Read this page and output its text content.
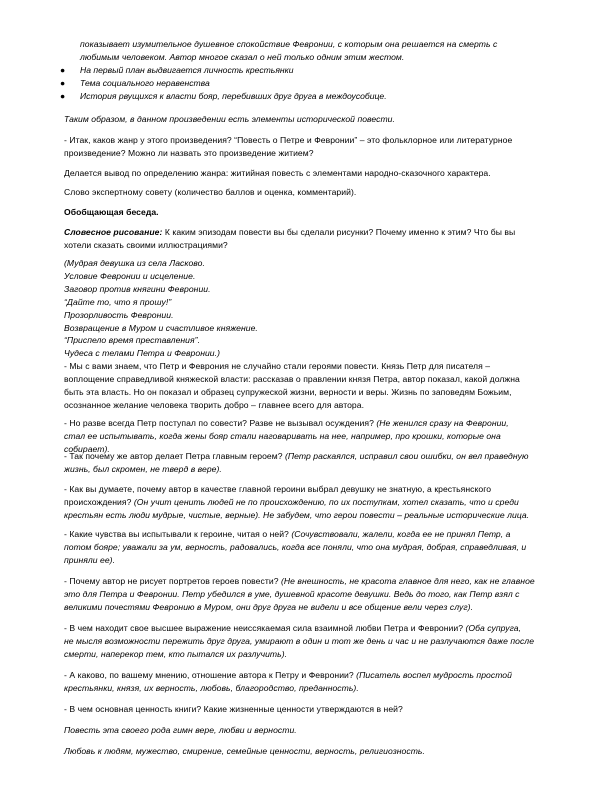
показывает изумительное душевное спокойствие Февронии, с которым она решается на смерть с
любимым человеком. Автор многое сказал о ней только одним этим жестом.

● На первый план выдвигается личность крестьянки
● Тема социального неравенства
● История рвущихся к власти бояр, перебивших друг друга в междоусобице.

Таким образом, в данном произведении есть элементы исторической повести.

- Итак, каков жанр у этого произведения? “Повесть о Петре и Февронии” – это фольклорное или литературное
произведение? Можно ли назвать это произведение житием?

Делается вывод по определению жанра: житийная повесть с элементами народно-сказочного характера.

Слово экспертному совету (количество баллов и оценка, комментарий).

Обобщающая беседа.

Словесное рисование: К каким эпизодам повести вы бы сделали рисунки? Почему именно к этим? Что бы вы
хотели сказать своими иллюстрациями?

(Мудрая девушка из села Ласково.
Условие Февронии и исцеление.
Заговор против княгини Февронии.
“Дайте то, что я прошу!”
Прозорливость Февронии.
Возвращение в Муром и счастливое княжение.
“Приспело время преставления”.
Чудеса с телами Петра и Февронии.)

- Мы с вами знаем, что Петр и Феврония не случайно стали героями повести. Князь Петр для писателя –
воплощение справедливой княжеской власти: рассказав о правлении князя Петра, автор показал, какой должна
быть эта власть. Но он показал и образец супружеской жизни, верности и веры. Жизнь по заповедям Божьим,
осознанное желание человека творить добро – главнее всего для автора.

- Но разве всегда Петр поступал по совести? Разве не вызывал осуждения? (Не женился сразу на Февронии,
стал ее испытывать, когда жены бояр стали наговаривать на нее, например, про крошки, которые она собирает).

- Так почему же автор делает Петра главным героем? (Петр раскаялся, исправил свои ошибки, он вел праведную
жизнь, был скромен, не тверд в вере).

- Как вы думаете, почему автор в качестве главной героини выбрал девушку не знатную, а крестьянского
происхождения? (Он учит ценить людей не по происхождению, по их поступкам, хотел сказать, что и среди
крестьян есть люди мудрые, чистые, верные). Не забудем, что герои повести – реальные исторические лица.

- Какие чувства вы испытывали к героине, читая о ней? (Сочувствовали, жалели, когда ее не принял Петр, а
потом бояре; уважали за ум, верность, радовались, когда все поняли, что она мудрая, добрая, справедливая, и
приняли ее).

- Почему автор не рисует портретов героев повести? (Не внешность, не красота главное для него, как не главное
это для Петра и Февронии. Петр убедился в уме, душевной красоте девушки. Ведь до того, как Петр взял с
великими почестями Февронию в Муром, они друг друга не видели и все общение вели через слуг).

- В чем находит свое высшее выражение неиссякаемая сила взаимной любви Петра и Февронии? (Оба супруга,
не мысля возможности пережить друг друга, умирают в один и тот же день и час и не разлучаются даже после
смерти, наперекор тем, кто пытался их разлучить).

- А каково, по вашему мнению, отношение автора к Петру и Февронии? (Писатель воспел мудрость простой
крестьянки, князя, их верность, любовь, благородство, преданность).

- В чем основная ценность книги? Какие жизненные ценности утверждаются в ней?

Повесть эта своего рода гимн вере, любви и верности.

Любовь к людям, мужество, смирение, семейные ценности, верность, религиозность.
